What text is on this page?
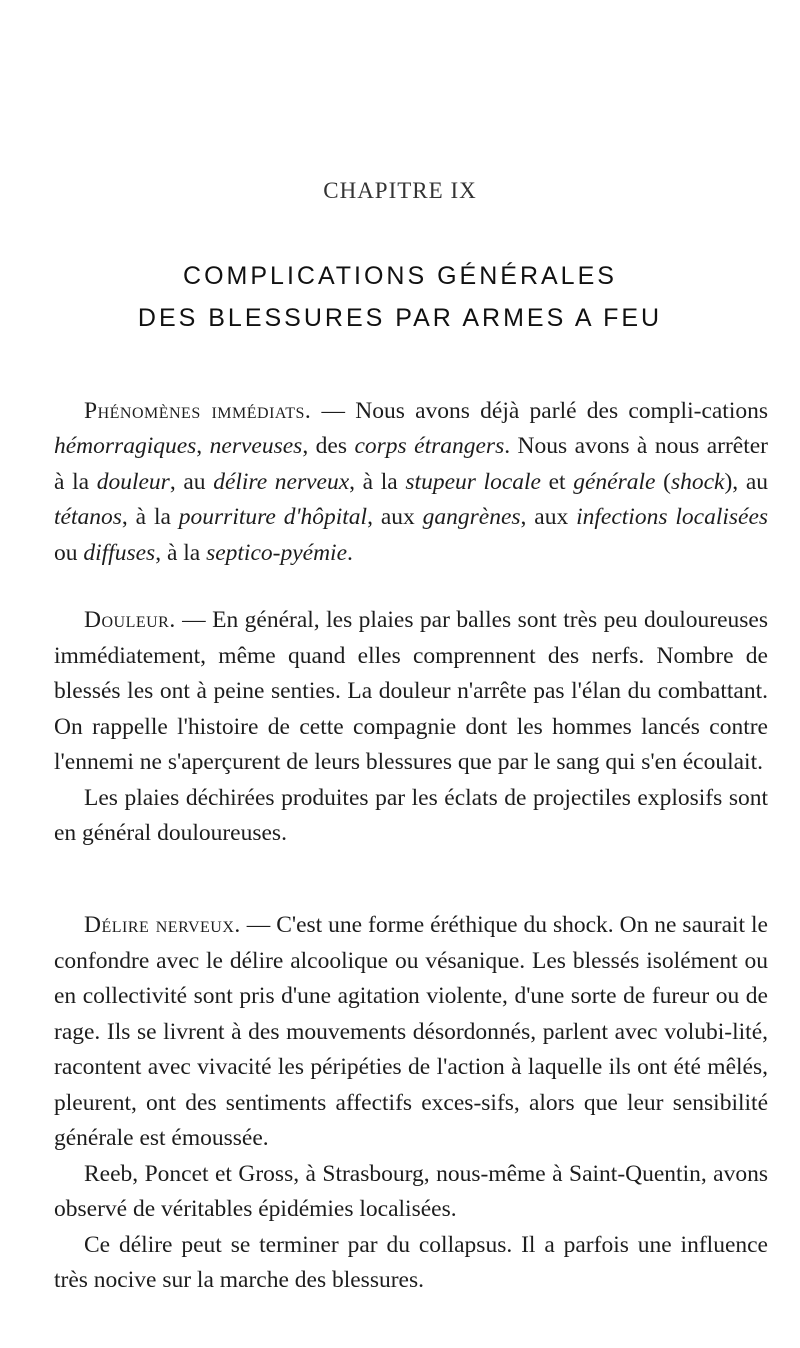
CHAPITRE IX
COMPLICATIONS GÉNÉRALES
DES BLESSURES PAR ARMES A FEU

Phénomènes immédiats. — Nous avons déjà parlé des compli-cations hémorragiques, nerveuses, des corps étrangers. Nous avons à nous arrêter à la douleur, au délire nerveux, à la stupeur locale et générale (shock), au tétanos, à la pourriture d'hôpital, aux gangrènes, aux infections localisées ou diffuses, à la septico-pyémie.

Douleur. — En général, les plaies par balles sont très peu douloureuses immédiatement, même quand elles comprennent des nerfs. Nombre de blessés les ont à peine senties. La douleur n'arrête pas l'élan du combattant. On rappelle l'histoire de cette compagnie dont les hommes lancés contre l'ennemi ne s'aperçurent de leurs blessures que par le sang qui s'en écoulait.

Les plaies déchirées produites par les éclats de projectiles explosifs sont en général douloureuses.

Délire nerveux. — C'est une forme éréthique du shock. On ne saurait le confondre avec le délire alcoolique ou vésanique. Les blessés isolément ou en collectivité sont pris d'une agitation violente, d'une sorte de fureur ou de rage. Ils se livrent à des mouvements désordonnés, parlent avec volubi-lité, racontent avec vivacité les péripéties de l'action à laquelle ils ont été mêlés, pleurent, ont des sentiments affectifs exces-sifs, alors que leur sensibilité générale est émoussée.

Reeb, Poncet et Gross, à Strasbourg, nous-même à Saint-Quentin, avons observé de véritables épidémies localisées.

Ce délire peut se terminer par du collapsus. Il a parfois une influence très nocive sur la marche des blessures.
